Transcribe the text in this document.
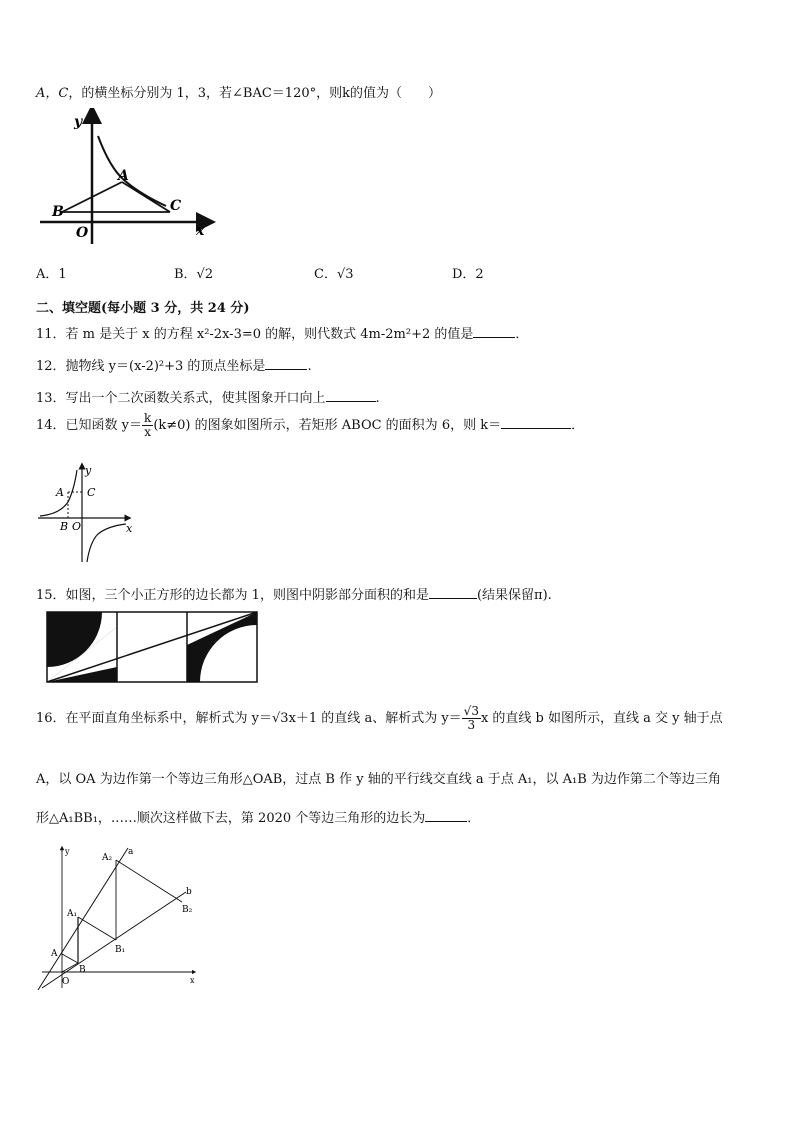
A，C，的横坐标分别为 1，3，若∠BAC＝120°，则k的值为（　　）
y
x
O
A
B	C
A．1	B．√2	C．√3	D．2
二、填空题(每小题 3 分，共 24 分)
11．若 m 是关于 x 的方程 x²-2x-3=0 的解，则代数式 4m-2m²+2 的值是	．
12．抛物线 y＝(x-2)²+3 的顶点坐标是	.
13．写出一个二次函数关系式，使其图象开口向上	.
14．已知函数 $y= \frac{k}{x} (k\ne 0)$ 的图象如图所示，若矩形 ABOC 的面积为 6，则 k＝	．
y
x
A C
B O
15．如图，三个小正方形的边长都为 1，则图中阴影部分面积的和是	(结果保留π).
16．在平面直角坐标系中，解析式为 y＝√3x＋1 的直线 a、解析式为 $y= \frac{√3}{3}$ x 的直线 b 如图所示，直线 a 交 y 轴于点
A，以 OA 为边作第一个等边三角形△OAB，过点 B 作 y 轴的平行线交直线 a 于点 A₁，以 A₁B 为边作第二个等边三角
形△A₁BB₁，……顺次这样做下去，第 2020 个等边三角形的边长为	．
y
x
O
A
B
A₁
B₁
A₂
B₂
a
b
